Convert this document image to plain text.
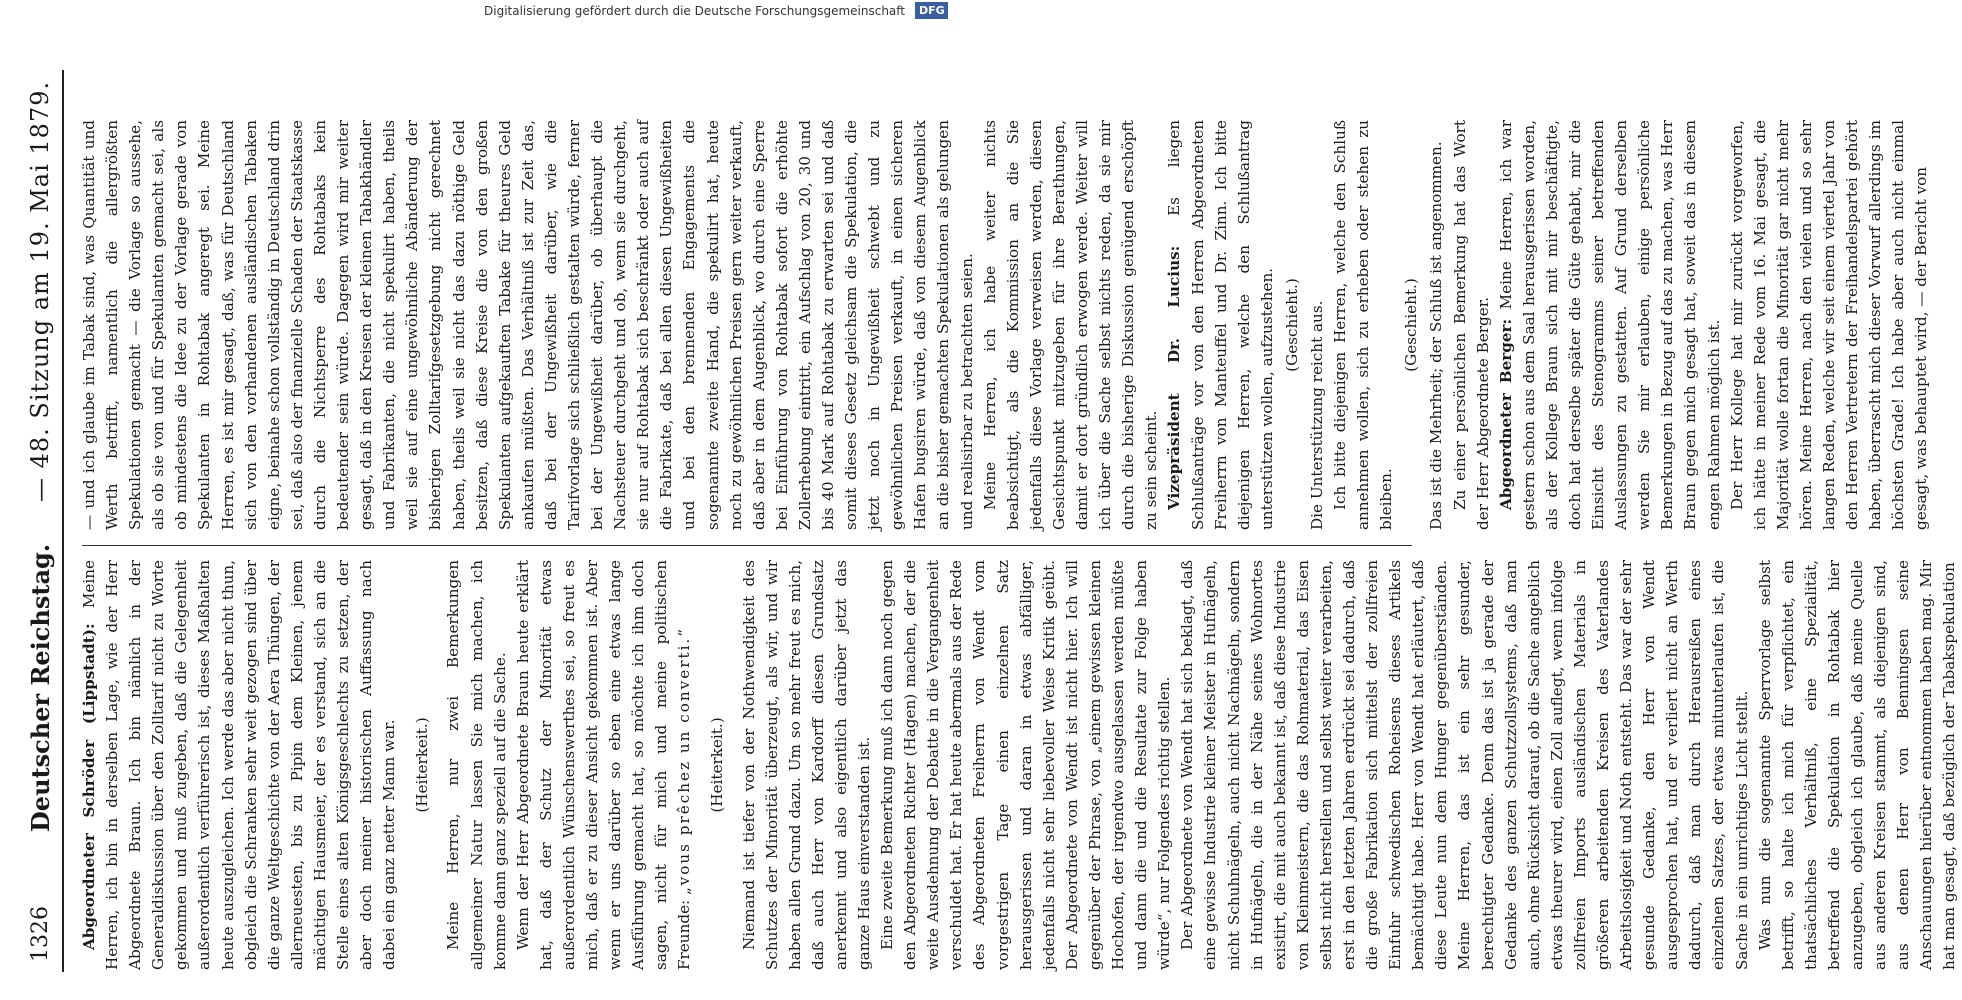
1326
Deutscher Reichstag.
— 48. Sitzung am 19. Mai 1879.

Abgeordneter Schröder (Lippstadt): Meine Herren, ich bin in derselben Lage, wie der Herr Abgeordnete Braun. Ich bin nämlich in der Generaldiskussion über den Zolltarif nicht zu Worte gekommen und muß zugeben, daß die Gelegenheit außerordentlich verführerisch ist, dieses Maßhalten heute auszugleichen. Ich werde das aber nicht thun, obgleich die Schranken sehr weit gezogen sind über die ganze Weltgeschichte von der Aera Thüngen, der allerneuesten, bis zu Pipin dem Kleinen, jenem mächtigen Hausmeier, der es verstand, sich an die Stelle eines alten Königsgeschlechts zu setzen, der aber doch meiner historischen Auffassung nach dabei ein ganz netter Mann war. (Heiterkeit.) Meine Herren, nur zwei Bemerkungen allgemeiner Natur lassen Sie mich machen, ich komme dann ganz speziell auf die Sache. Wenn der Herr Abgeordnete Braun heute erklärt hat, daß der Schutz der Minorität etwas außerordentlich Wünschenswerthes sei, so freut es mich, daß er zu dieser Ansicht gekommen ist. Aber wenn er uns darüber so eben eine etwas lange Ausführung gemacht hat, so möchte ich ihm doch sagen, nicht für mich und meine politischen Freunde: „vous prêchez un converti.“ (Heiterkeit.) Niemand ist tiefer von der Nothwendigkeit des Schutzes der Minorität überzeugt, als wir, und wir haben allen Grund dazu. Um so mehr freut es mich, daß auch Herr von Kardorff diesen Grundsatz anerkennt und also eigentlich darüber jetzt das ganze Haus einverstanden ist. Eine zweite Bemerkung muß ich dann noch gegen den Abgeordneten Richter (Hagen) machen, der die weite Ausdehnung der Debatte in die Vergangenheit verschuldet hat. Er hat heute abermals aus der Rede des Abgeordneten Freiherrn von Wendt vom vorgestrigen Tage einen einzelnen Satz herausgerissen und daran in etwas abfälliger, jedenfalls nicht sehr liebevoller Weise Kritik geübt. Der Abgeordnete von Wendt ist nicht hier. Ich will gegenüber der Phrase, von „einem gewissen kleinen Hochofen, der irgendwo ausgelassen werden müßte und dann die und die Resultate zur Folge haben würde“, nur Folgendes richtig stellen. Der Abgeordnete von Wendt hat sich beklagt, daß eine gewisse Industrie kleiner Meister in Hufnägeln, nicht Schuhnägeln, auch nicht Nachnägeln, sondern in Hufnägeln, die in der Nähe seines Wohnortes existirt, die mit auch bekannt ist, daß diese Industrie von Kleinmeistern, die das Rohmaterial, das Eisen selbst nicht herstellen und selbst weiter verarbeiten, erst in den letzten Jahren erdrückt sei dadurch, daß die große Fabrikation sich mittelst der zollfreien Einfuhr schwedischen Roheisens dieses Artikels bemächtigt habe. Herr von Wendt hat erläutert, daß diese Leute nun dem Hunger gegenüberständen. Meine Herren, das ist ein sehr gesunder, berechtigter Gedanke. Denn das ist ja gerade der Gedanke des ganzen Schutzzollsystems, daß man auch, ohne Rücksicht darauf, ob die Sache angeblich etwas theurer wird, einen Zoll auflegt, wenn infolge zollfreien Imports ausländischen Materials in größeren arbeitenden Kreisen des Vaterlandes Arbeitslosigkeit und Noth entsteht. Das war der sehr gesunde Gedanke, den Herr von Wendt ausgesprochen hat, und er verliert nicht an Werth dadurch, daß man durch Herausreißen eines einzelnen Satzes, der etwas mitunterlaufen ist, die Sache in ein unrichtiges Licht stellt. Was nun die sogenannte Sperrvorlage selbst betrifft, so halte ich mich für verpflichtet, ein thatsächliches Verhältniß, eine Spezialität, betreffend die Spekulation in Rohtabak hier anzugeben, obgleich ich glaube, daß meine Quelle aus anderen Kreisen stammt, als diejenigen sind, aus denen Herr von Benningsen seine Anschauungen hierüber entnommen haben mag. Mir hat man gesagt, daß bezüglich der Tabakspekulation

— und ich glaube im Tabak sind, was Quantität und Werth betrifft, namentlich die allergrößten Spekulationen gemacht — die Vorlage so aussehe, als ob sie von und für Spekulanten gemacht sei, als ob mindestens die Idee zu der Vorlage gerade von Spekulanten in Rohtabak angeregt sei. Meine Herren, es ist mir gesagt, daß, was für Deutschland sich von den vorhandenen ausländischen Tabaken eigne, beinahe schon vollständig in Deutschland drin sei, daß also der finanzielle Schaden der Staatskasse durch die Nichtsperre des Rohtabaks kein bedeutender sein würde. Dagegen wird mir weiter gesagt, daß in den Kreisen der kleinen Tabakhändler und Fabrikanten, die nicht spekulirt haben, theils weil sie auf eine ungewöhnliche Abänderung der bisherigen Zolltarifgesetzgebung nicht gerechnet haben, theils weil sie nicht das dazu nöthige Geld besitzen, daß diese Kreise die von den großen Spekulanten aufgekauften Tabake für theures Geld ankaufen müßten. Das Verhältniß ist zur Zeit das, daß bei der Ungewißheit darüber, wie die Tarifvorlage sich schließlich gestalten würde, ferner bei der Ungewißheit darüber, ob überhaupt die Nachsteuer durchgeht und ob, wenn sie durchgeht, sie nur auf Rohtabak sich beschränkt oder auch auf die Fabrikate, daß bei allen diesen Ungewißheiten und bei den brennenden Engagements die sogenannte zweite Hand, die spekulirt hat, heute noch zu gewöhnlichen Preisen gern weiter verkauft, daß aber in dem Augenblick, wo durch eine Sperre bei Einführung von Rohtabak sofort die erhöhte Zollerhebung eintritt, ein Aufschlag von 20, 30 und bis 40 Mark auf Rohtabak zu erwarten sei und daß somit dieses Gesetz gleichsam die Spekulation, die jetzt noch in Ungewißheit schwebt und zu gewöhnlichen Preisen verkauft, in einen sicheren Hafen bugsiren würde, daß von diesem Augenblick an die bisher gemachten Spekulationen als gelungen und realisirbar zu betrachten seien. Meine Herren, ich habe weiter nichts beabsichtigt, als die Kommission an die Sie jedenfalls diese Vorlage verweisen werden, diesen Gesichtspunkt mitzugeben für ihre Berathungen, damit er dort gründlich erwogen werde. Weiter will ich über die Sache selbst nichts reden, da sie mir durch die bisherige Diskussion genügend erschöpft zu sein scheint. Vizepräsident Dr. Lucius: Es liegen Schlußanträge vor von den Herren Abgeordneten Freiherrn von Manteuffel und Dr. Zinn. Ich bitte diejenigen Herren, welche den Schlußantrag unterstützen wollen, aufzustehen. (Geschieht.) Die Unterstützung reicht aus. Ich bitte diejenigen Herren, welche den Schluß annehmen wollen, sich zu erheben oder stehen zu bleiben.

(Geschieht.) Das ist die Mehrheit; der Schluß ist angenommen. Zu einer persönlichen Bemerkung hat das Wort der Herr Abgeordnete Berger. Abgeordneter Berger: Meine Herren, ich war gestern schon aus dem Saal herausgerissen worden, als der Kollege Braun sich mit mir beschäftigte, doch hat derselbe später die Güte gehabt, mir die Einsicht des Stenogramms seiner betreffenden Auslassungen zu gestatten. Auf Grund derselben werden Sie mir erlauben, einige persönliche Bemerkungen in Bezug auf das zu machen, was Herr Braun gegen mich gesagt hat, soweit das in diesem engen Rahmen möglich ist. Der Herr Kollege hat mir zurückt vorgeworfen, ich hätte in meiner Rede vom 16. Mai gesagt, die Majorität wolle fortan die Minorität gar nicht mehr hören. Meine Herren, nach den vielen und so sehr langen Reden, welche wir seit einem viertel Jahr von den Herren Vertretern der Freihandelspartei gehört haben, überrascht mich dieser Vorwurf allerdings im höchsten Grade! Ich habe aber auch nicht einmal gesagt, was behauptet wird, — der Bericht von

Digitalisierung gefördert durch die Deutsche Forschungsgemeinschaft DFG
